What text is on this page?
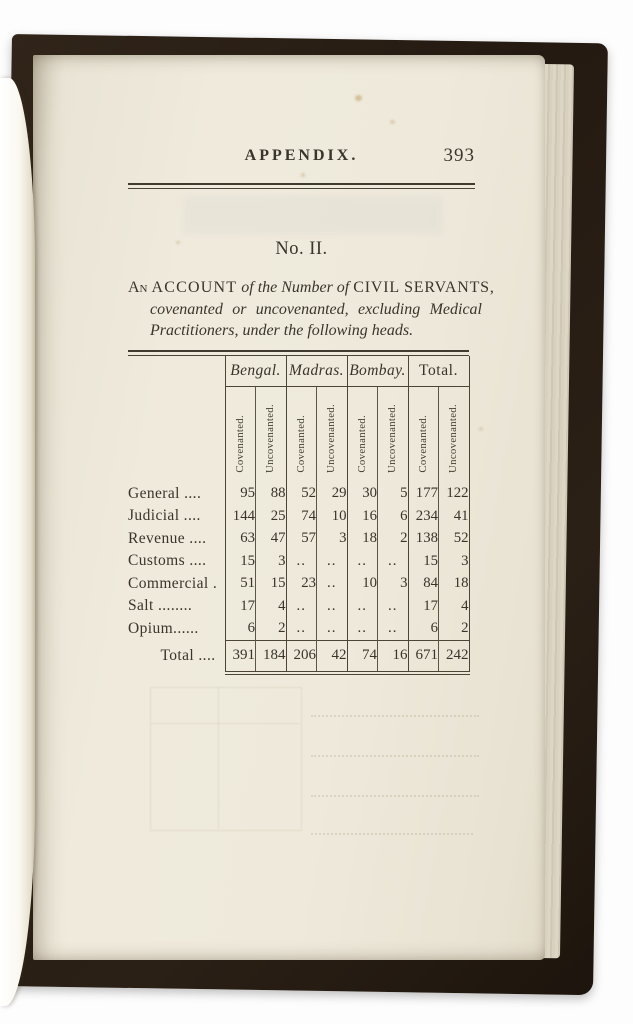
APPENDIX.	393
No. II.
An ACCOUNT of the Number of CIVIL SERVANTS,
covenanted or uncovenanted, excluding Medical Practitioners, under the following heads.
	Bengal.		Madras.		Bombay.		Total.	
	Covenanted.	Uncovenanted.	Covenanted.	Uncovenanted.	Covenanted.	Uncovenanted.	Covenanted.	Uncovenanted.
General ....	95	88	52	29	30	5	177	122
Judicial ....	144	25	74	10	16	6	234	41
Revenue ....	63	47	57	3	18	2	138	52
Customs ....	15	3	..	..	..	..	15	3
Commercial .	51	15	23	..	10	3	84	18
Salt ........	17	4	..	..	..	..	17	4
Opium......	6	2	..	..	..	..	6	2
Total ....	391	184	206	42	74	16	671	242
